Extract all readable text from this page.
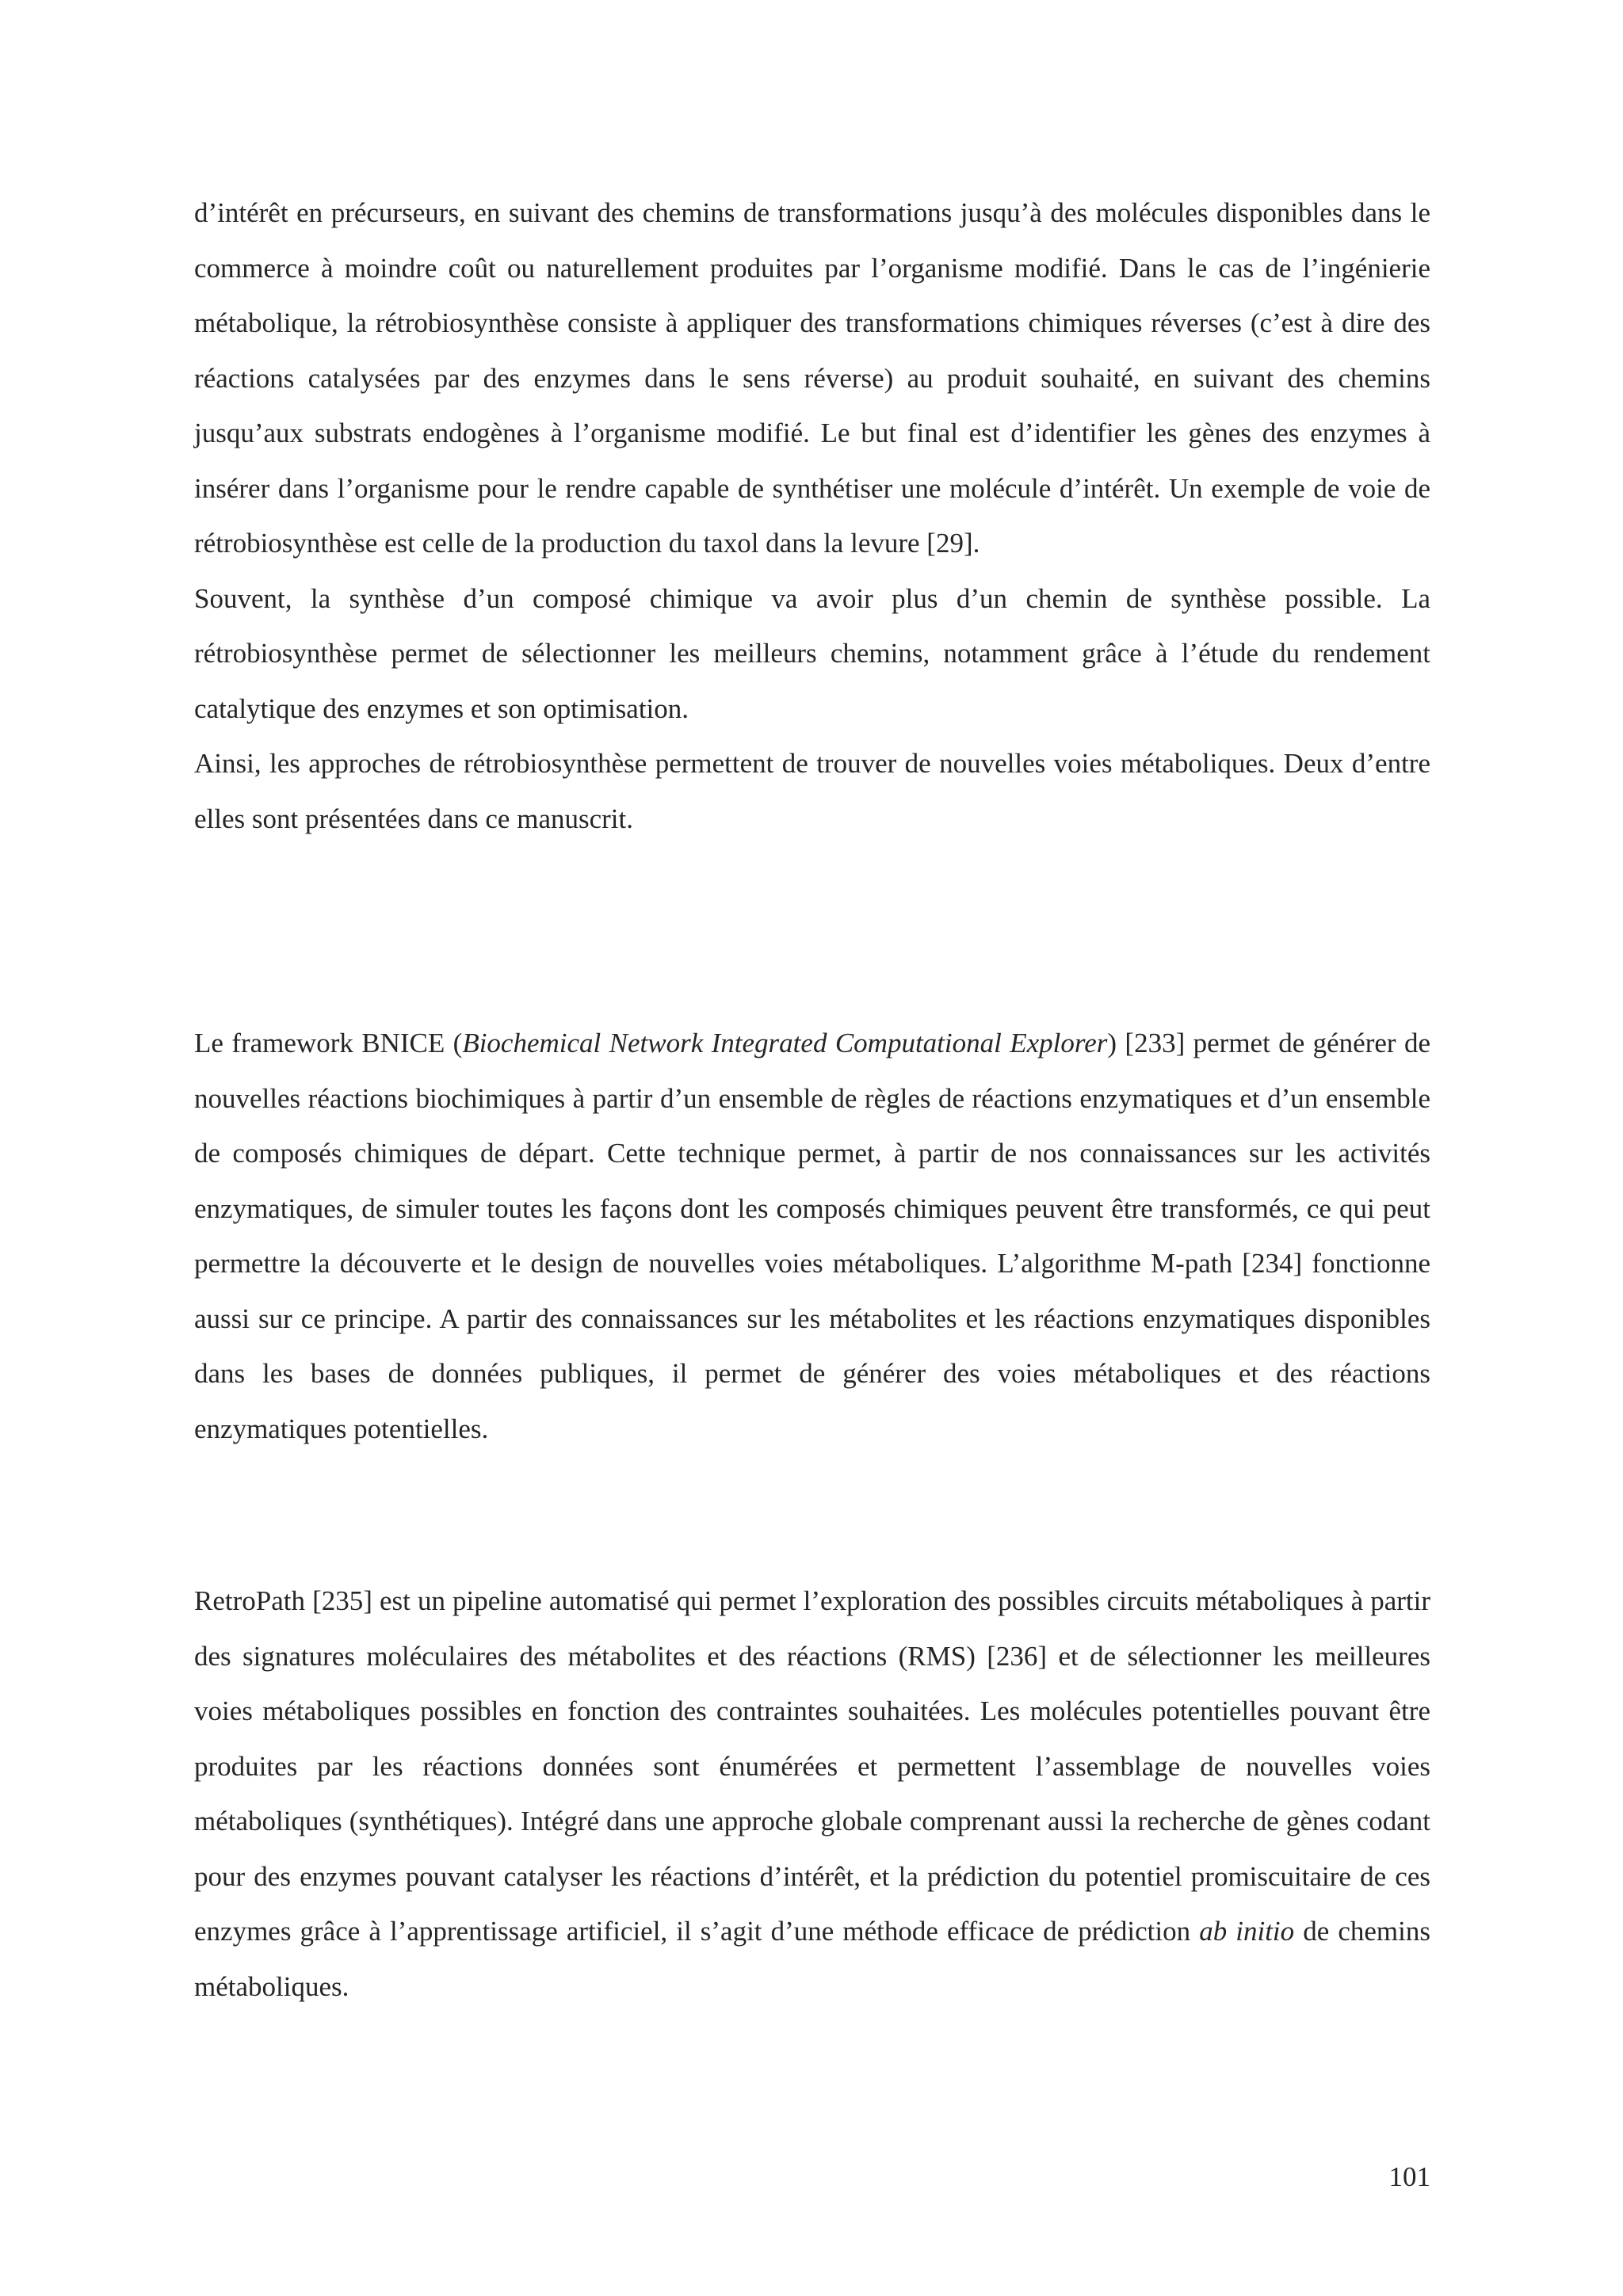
d’intérêt en précurseurs, en suivant des chemins de transformations jusqu’à des molécules disponibles dans le commerce à moindre coût ou naturellement produites par l’organisme modifié. Dans le cas de l’ingénierie métabolique, la rétrobiosynthèse consiste à appliquer des transformations chimiques réverses (c’est à dire des réactions catalysées par des enzymes dans le sens réverse) au produit souhaité, en suivant des chemins jusqu’aux substrats endogènes à l’organisme modifié. Le but final est d’identifier les gènes des enzymes à insérer dans l’organisme pour le rendre capable de synthétiser une molécule d’intérêt. Un exemple de voie de rétrobiosynthèse est celle de la production du taxol dans la levure [29].

Souvent, la synthèse d’un composé chimique va avoir plus d’un chemin de synthèse possible. La rétrobiosynthèse permet de sélectionner les meilleurs chemins, notamment grâce à l’étude du rendement catalytique des enzymes et son optimisation.

Ainsi, les approches de rétrobiosynthèse permettent de trouver de nouvelles voies métaboliques. Deux d’entre elles sont présentées dans ce manuscrit.

Le framework BNICE (Biochemical Network Integrated Computational Explorer) [233] permet de générer de nouvelles réactions biochimiques à partir d’un ensemble de règles de réactions enzymatiques et d’un ensemble de composés chimiques de départ. Cette technique permet, à partir de nos connaissances sur les activités enzymatiques, de simuler toutes les façons dont les composés chimiques peuvent être transformés, ce qui peut permettre la découverte et le design de nouvelles voies métaboliques. L’algorithme M-path [234] fonctionne aussi sur ce principe. A partir des connaissances sur les métabolites et les réactions enzymatiques disponibles dans les bases de données publiques, il permet de générer des voies métaboliques et des réactions enzymatiques potentielles.

RetroPath [235] est un pipeline automatisé qui permet l’exploration des possibles circuits métaboliques à partir des signatures moléculaires des métabolites et des réactions (RMS) [236] et de sélectionner les meilleures voies métaboliques possibles en fonction des contraintes souhaitées. Les molécules potentielles pouvant être produites par les réactions données sont énumérées et permettent l’assemblage de nouvelles voies métaboliques (synthétiques). Intégré dans une approche globale comprenant aussi la recherche de gènes codant pour des enzymes pouvant catalyser les réactions d’intérêt, et la prédiction du potentiel promiscuitaire de ces enzymes grâce à l’apprentissage artificiel, il s’agit d’une méthode efficace de prédiction ab initio de chemins métaboliques.

101
